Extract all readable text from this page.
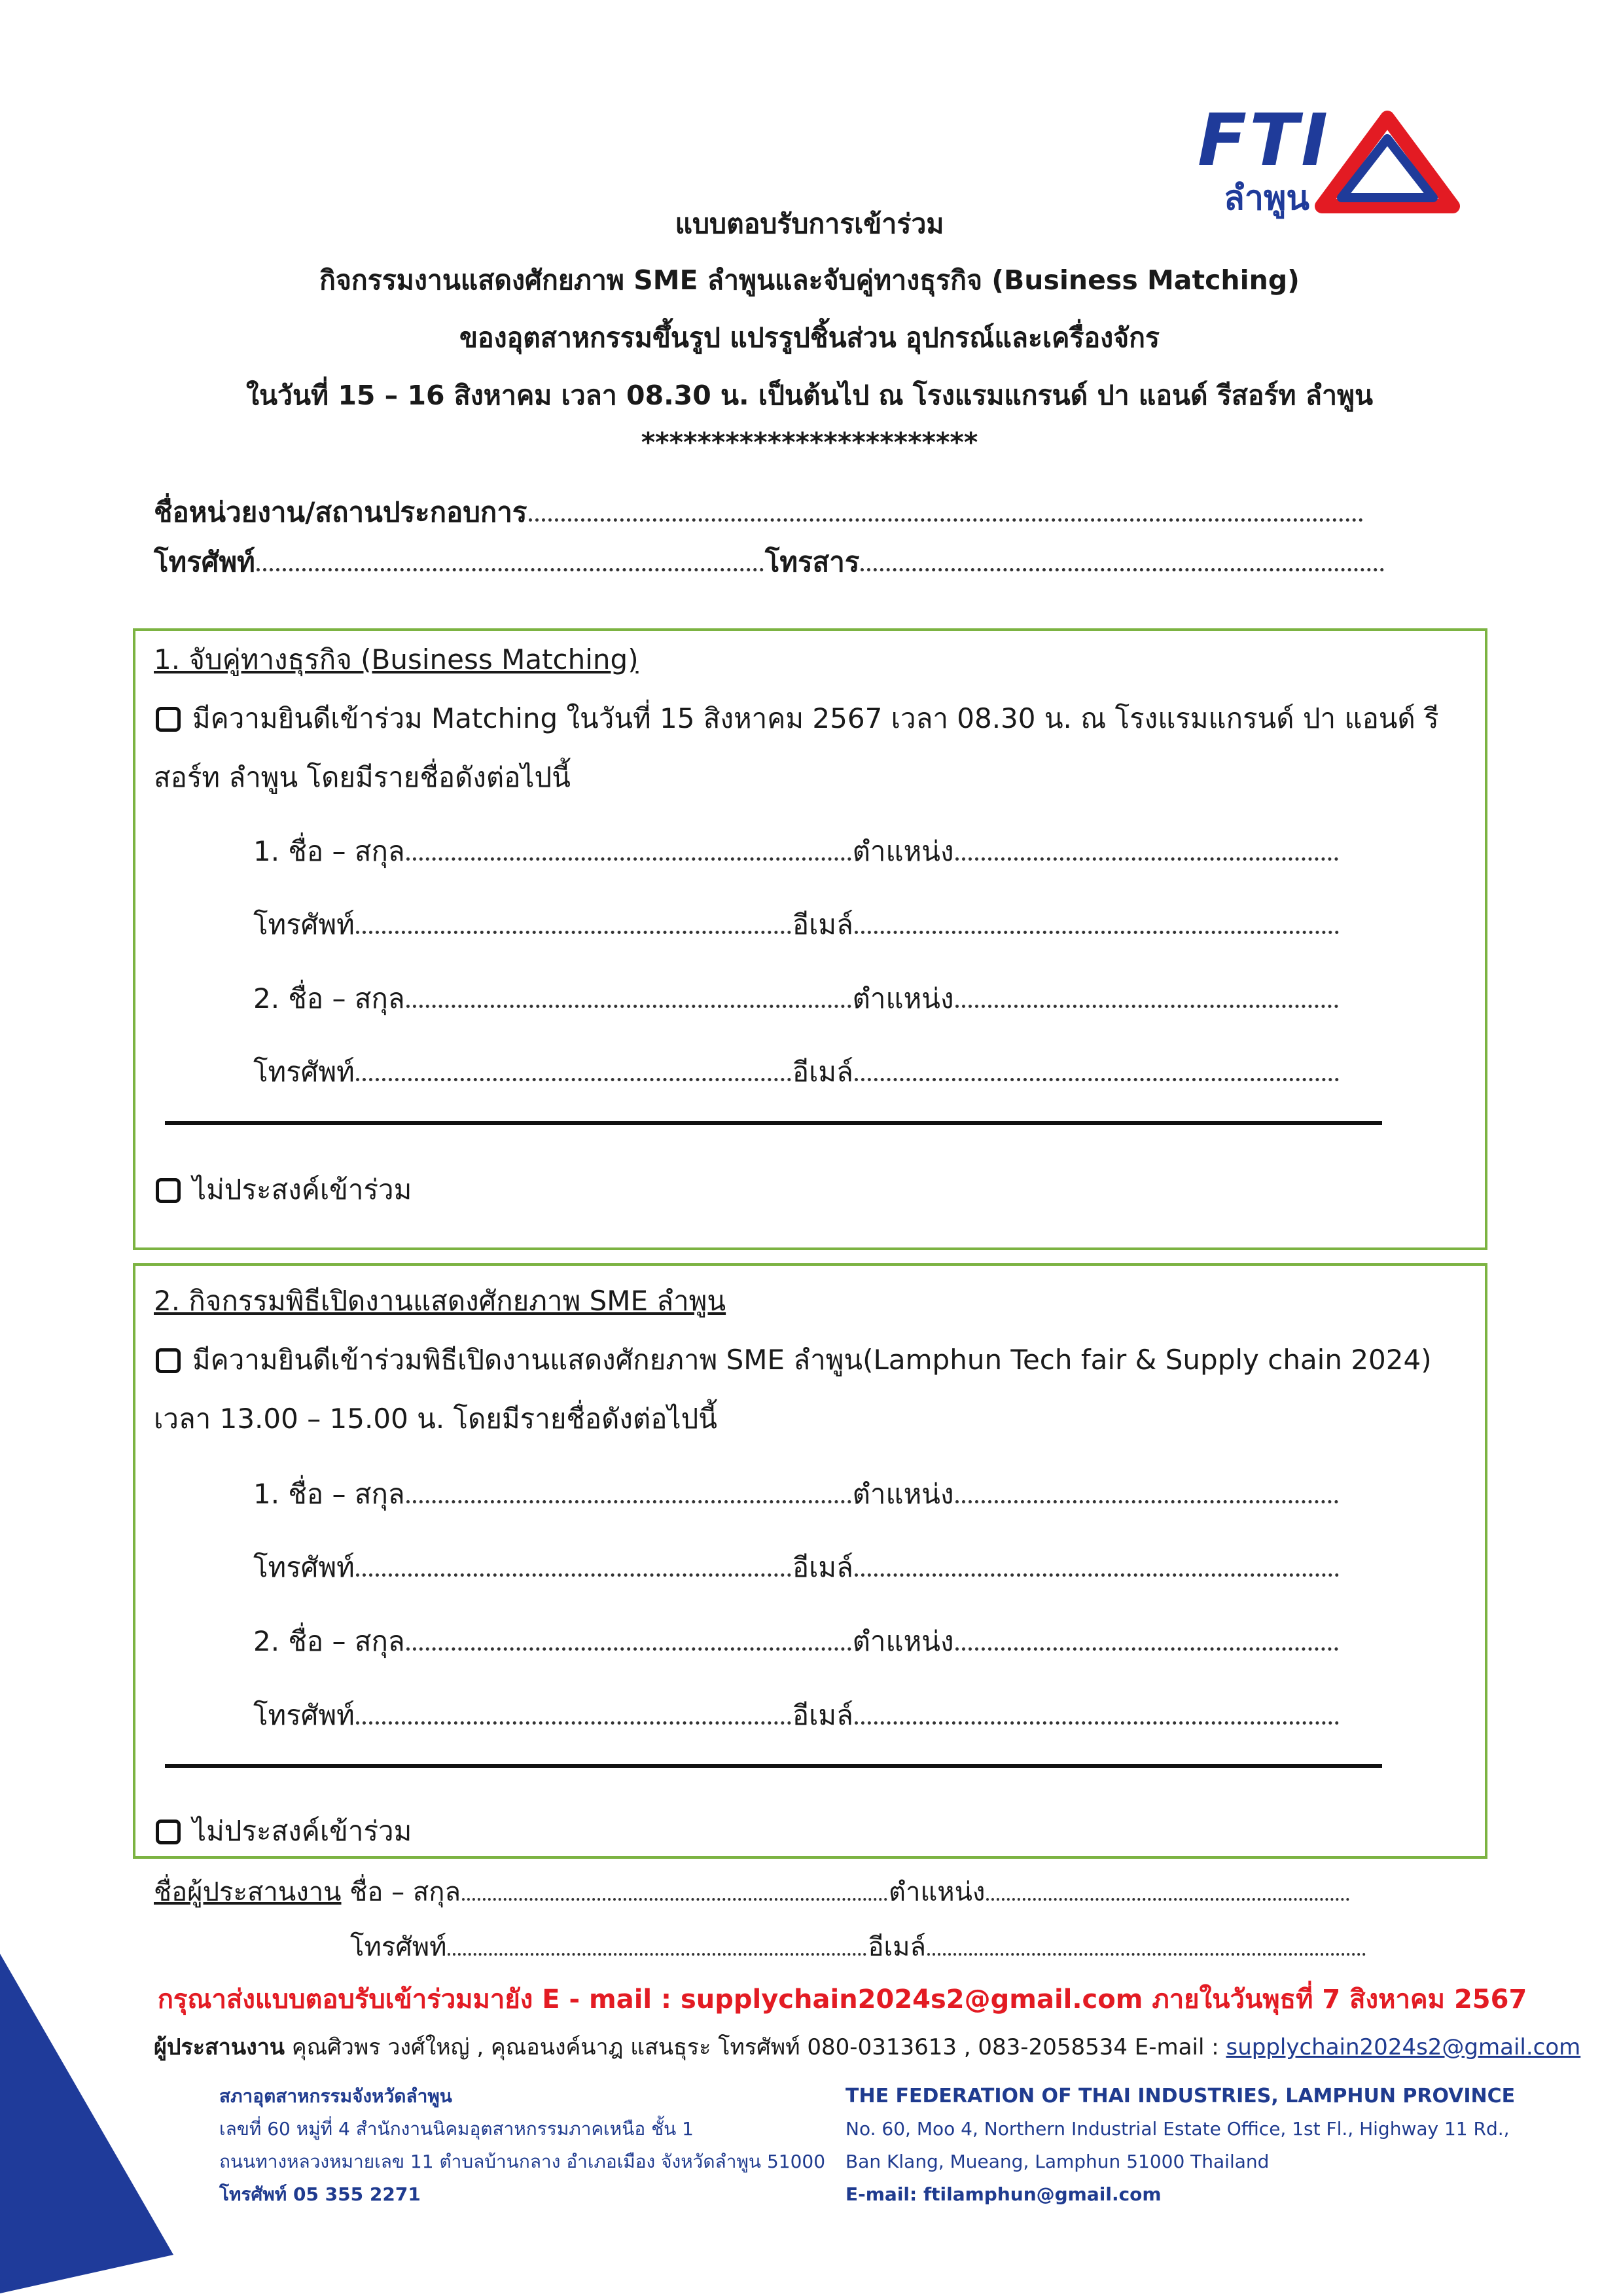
FTI
ลำพูน
แบบตอบรับการเข้าร่วม
กิจกรรมงานแสดงศักยภาพ SME ลำพูนและจับคู่ทางธุรกิจ (Business Matching)
ของอุตสาหกรรมขึ้นรูป แปรรูปชิ้นส่วน อุปกรณ์และเครื่องจักร
ในวันที่ 15 – 16 สิงหาคม เวลา 08.30 น. เป็นต้นไป ณ โรงแรมแกรนด์ ปา แอนด์ รีสอร์ท ลำพูน
************************
ชื่อหน่วยงาน/สถานประกอบการ
โทรศัพท์	โทรสาร
1. จับคู่ทางธุรกิจ (Business Matching)
มีความยินดีเข้าร่วม Matching ในวันที่ 15 สิงหาคม 2567 เวลา 08.30 น. ณ โรงแรมแกรนด์ ปา แอนด์ รี
สอร์ท ลำพูน โดยมีรายชื่อดังต่อไปนี้
1. ชื่อ – สกุล	ตำแหน่ง
โทรศัพท์	อีเมล์
2. ชื่อ – สกุล	ตำแหน่ง
โทรศัพท์	อีเมล์
ไม่ประสงค์เข้าร่วม
2. กิจกรรมพิธีเปิดงานแสดงศักยภาพ SME ลำพูน
มีความยินดีเข้าร่วมพิธีเปิดงานแสดงศักยภาพ SME ลำพูน(Lamphun Tech fair & Supply chain 2024)
เวลา 13.00 – 15.00 น. โดยมีรายชื่อดังต่อไปนี้
1. ชื่อ – สกุล	ตำแหน่ง
โทรศัพท์	อีเมล์
2. ชื่อ – สกุล	ตำแหน่ง
โทรศัพท์	อีเมล์
ไม่ประสงค์เข้าร่วม
ชื่อผู้ประสานงาน ชื่อ – สกุล	ตำแหน่ง
โทรศัพท์	อีเมล์
กรุณาส่งแบบตอบรับเข้าร่วมมายัง E - mail : supplychain2024s2@gmail.com ภายในวันพุธที่ 7 สิงหาคม 2567
ผู้ประสานงาน คุณศิวพร วงศ์ใหญ่ , คุณอนงค์นาฎ แสนธุระ โทรศัพท์ 080-0313613 , 083-2058534 E-mail : supplychain2024s2@gmail.com
สภาอุตสาหกรรมจังหวัดลำพูน
เลขที่ 60 หมู่ที่ 4 สำนักงานนิคมอุตสาหกรรมภาคเหนือ ชั้น 1
ถนนทางหลวงหมายเลข 11 ตำบลบ้านกลาง อำเภอเมือง จังหวัดลำพูน 51000
โทรศัพท์ 05 355 2271
THE FEDERATION OF THAI INDUSTRIES, LAMPHUN PROVINCE
No. 60, Moo 4, Northern Industrial Estate Office, 1st Fl., Highway 11 Rd.,
Ban Klang, Mueang, Lamphun 51000 Thailand
E-mail: ftilamphun@gmail.com
